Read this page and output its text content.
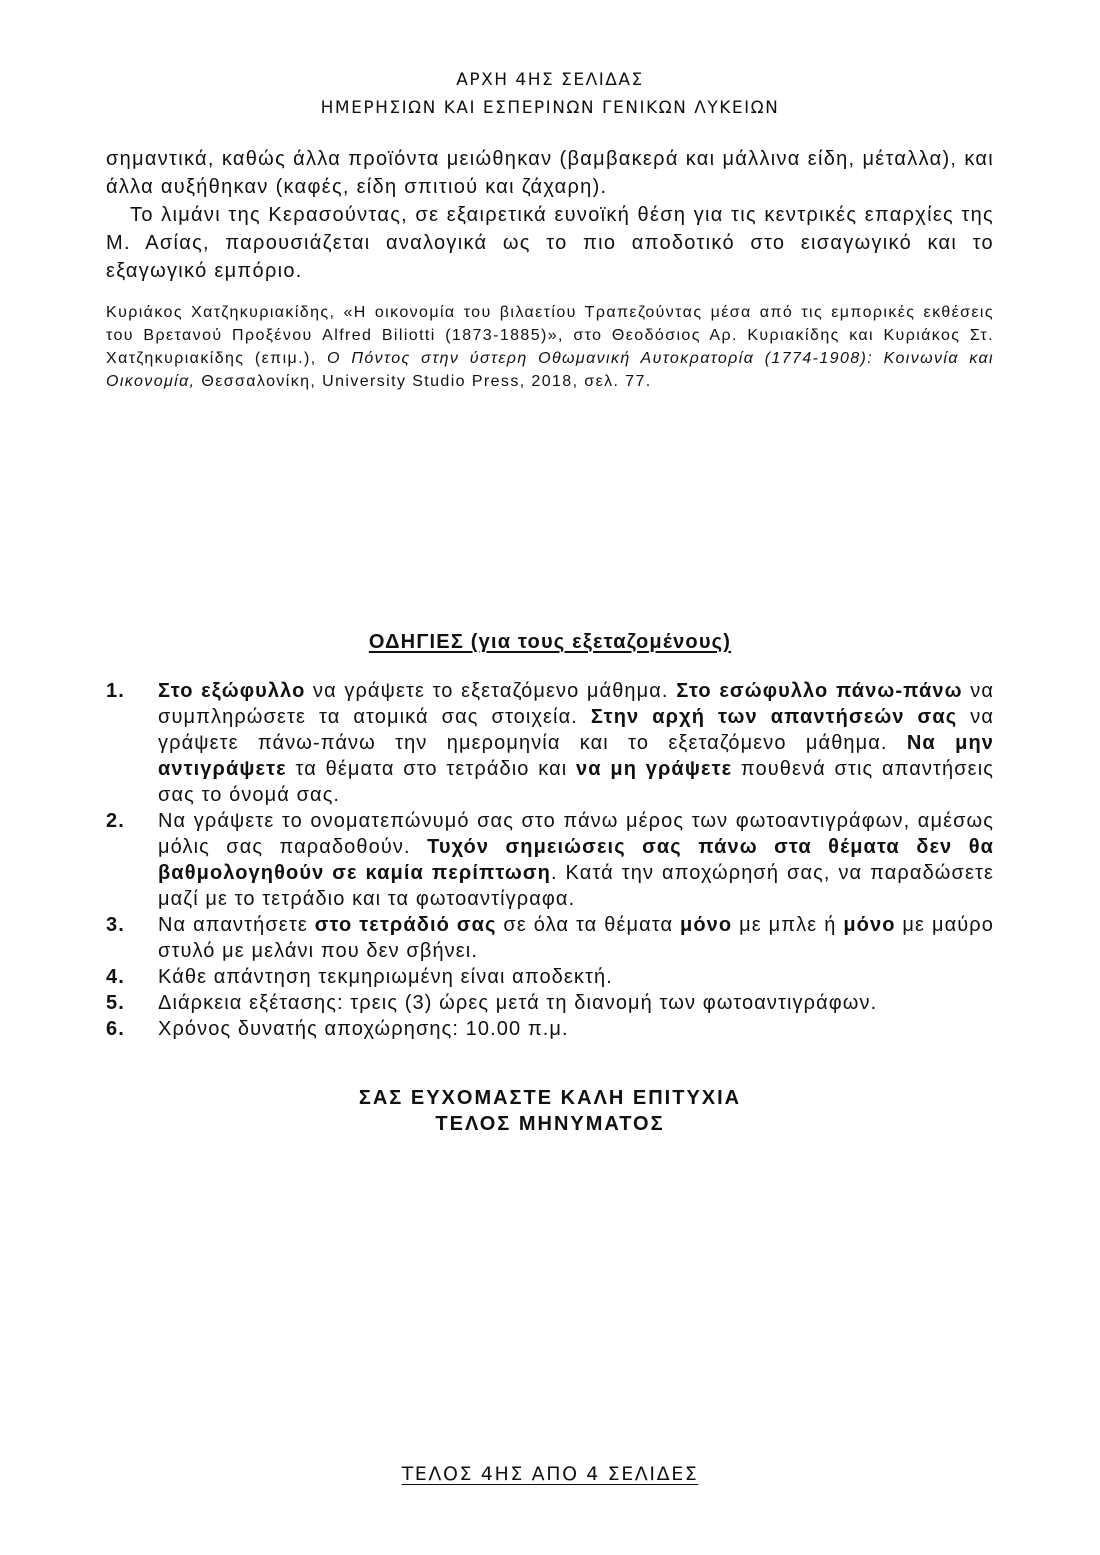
ΑΡΧΗ 4ΗΣ ΣΕΛΙΔΑΣ
ΗΜΕΡΗΣΙΩΝ ΚΑΙ ΕΣΠΕΡΙΝΩΝ ΓΕΝΙΚΩΝ ΛΥΚΕΙΩΝ

σημαντικά, καθώς άλλα προϊόντα μειώθηκαν (βαμβακερά και μάλλινα είδη, μέταλλα), και άλλα αυξήθηκαν (καφές, είδη σπιτιού και ζάχαρη).

Το λιμάνι της Κερασούντας, σε εξαιρετικά ευνοϊκή θέση για τις κεντρικές επαρχίες της Μ. Ασίας, παρουσιάζεται αναλογικά ως το πιο αποδοτικό στο εισαγωγικό και το εξαγωγικό εμπόριο.

Κυριάκος Χατζηκυριακίδης, «Η οικονομία του βιλαετίου Τραπεζούντας μέσα από τις εμπορικές εκθέσεις του Βρετανού Προξένου Alfred Biliotti (1873-1885)», στο Θεοδόσιος Αρ. Κυριακίδης και Κυριάκος Στ. Χατζηκυριακίδης (επιμ.), Ο Πόντος στην ύστερη Οθωμανική Αυτοκρατορία (1774-1908): Κοινωνία και Οικονομία, Θεσσαλονίκη, University Studio Press, 2018, σελ. 77.

ΟΔΗΓΙΕΣ (για τους εξεταζομένους)
1. Στο εξώφυλλο να γράψετε το εξεταζόμενο μάθημα. Στο εσώφυλλο πάνω-πάνω να συμπληρώσετε τα ατομικά σας στοιχεία. Στην αρχή των απαντήσεών σας να γράψετε πάνω-πάνω την ημερομηνία και το εξεταζόμενο μάθημα. Να μην αντιγράψετε τα θέματα στο τετράδιο και να μη γράψετε πουθενά στις απαντήσεις σας το όνομά σας.
2. Να γράψετε το ονοματεπώνυμό σας στο πάνω μέρος των φωτοαντιγράφων, αμέσως μόλις σας παραδοθούν. Τυχόν σημειώσεις σας πάνω στα θέματα δεν θα βαθμολογηθούν σε καμία περίπτωση. Κατά την αποχώρησή σας, να παραδώσετε μαζί με το τετράδιο και τα φωτοαντίγραφα.
3. Να απαντήσετε στο τετράδιό σας σε όλα τα θέματα μόνο με μπλε ή μόνο με μαύρο στυλό με μελάνι που δεν σβήνει.
4. Κάθε απάντηση τεκμηριωμένη είναι αποδεκτή.
5. Διάρκεια εξέτασης: τρεις (3) ώρες μετά τη διανομή των φωτοαντιγράφων.
6. Χρόνος δυνατής αποχώρησης: 10.00 π.μ.
ΣΑΣ ΕΥΧΟΜΑΣΤΕ ΚΑΛΗ ΕΠΙΤΥΧΙΑ
ΤΕΛΟΣ ΜΗΝΥΜΑΤΟΣ
ΤΕΛΟΣ 4ΗΣ ΑΠΟ 4 ΣΕΛΙΔΕΣ
